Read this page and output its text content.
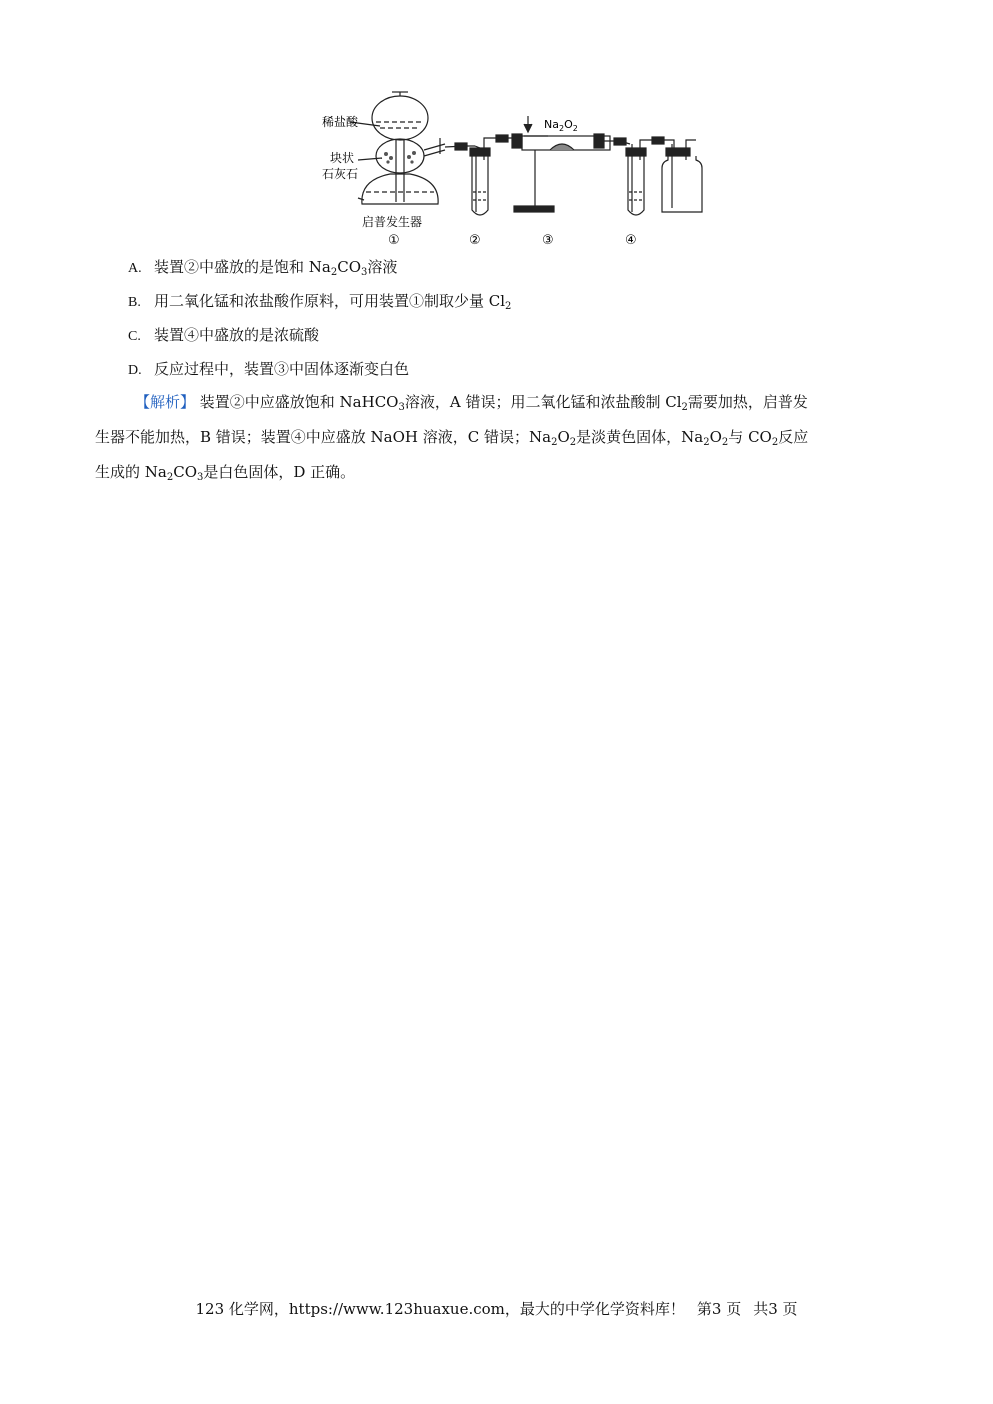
稀盐酸
块状
石灰石
启普发生器
$Na_2O_2$
①	②	③	④
A. 装置②中盛放的是饱和 $Na_2CO_3$溶液
B. 用二氧化锰和浓盐酸作原料，可用装置①制取少量 $Cl_2$
C. 装置④中盛放的是浓硫酸
D. 反应过程中，装置③中固体逐渐变白色
【解析】 装置②中应盛放饱和 NaHCO$_3$溶液，A 错误；用二氧化锰和浓盐酸制 $Cl_2$需要加热，启普发
生器不能加热，B 错误；装置④中应盛放 NaOH 溶液，C 错误；$Na_2O_2$是淡黄色固体，$Na_2O_2$与 $CO_2$反应
生成的 $Na_2CO_3$是白色固体，D 正确。
123 化学网，https://www.123huaxue.com，最大的中学化学资料库！ 第3 页 共3 页
